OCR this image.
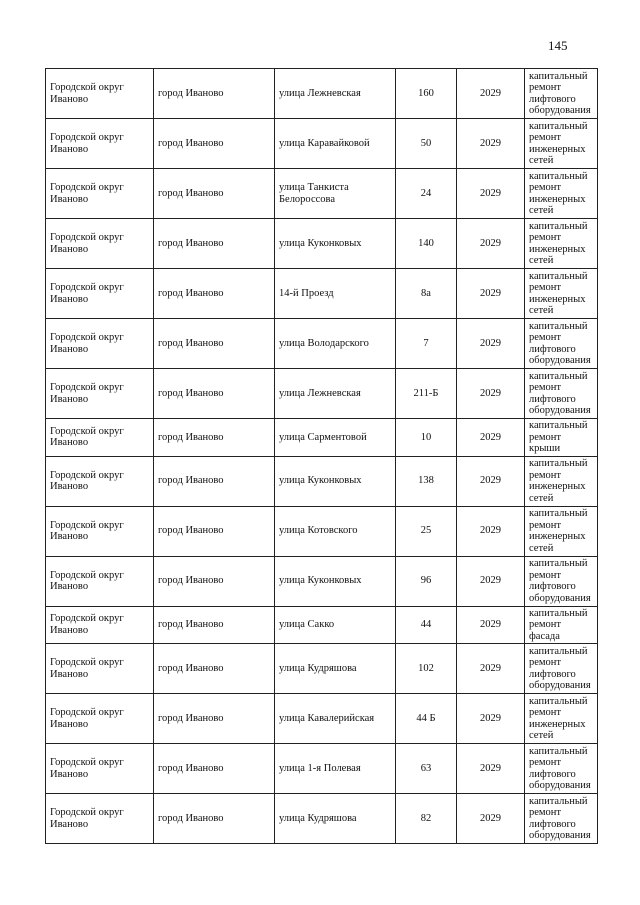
145
Городской округ Иваново	город Иваново	улица Лежневская	160	2029	капитальный ремонт лифтового оборудования
Городской округ Иваново	город Иваново	улица Каравайковой	50	2029	капитальный ремонт инженерных сетей
Городской округ Иваново	город Иваново	улица Танкиста Белороссова	24	2029	капитальный ремонт инженерных сетей
Городской округ Иваново	город Иваново	улица Куконковых	140	2029	капитальный ремонт инженерных сетей
Городской округ Иваново	город Иваново	14-й Проезд	8а	2029	капитальный ремонт инженерных сетей
Городской округ Иваново	город Иваново	улица Володарского	7	2029	капитальный ремонт лифтового оборудования
Городской округ Иваново	город Иваново	улица Лежневская	211-Б	2029	капитальный ремонт лифтового оборудования
Городской округ Иваново	город Иваново	улица Сарментовой	10	2029	капитальный ремонт крыши
Городской округ Иваново	город Иваново	улица Куконковых	138	2029	капитальный ремонт инженерных сетей
Городской округ Иваново	город Иваново	улица Котовского	25	2029	капитальный ремонт инженерных сетей
Городской округ Иваново	город Иваново	улица Куконковых	96	2029	капитальный ремонт лифтового оборудования
Городской округ Иваново	город Иваново	улица Сакко	44	2029	капитальный ремонт фасада
Городской округ Иваново	город Иваново	улица Кудряшова	102	2029	капитальный ремонт лифтового оборудования
Городской округ Иваново	город Иваново	улица Кавалерийская	44 Б	2029	капитальный ремонт инженерных сетей
Городской округ Иваново	город Иваново	улица 1-я Полевая	63	2029	капитальный ремонт лифтового оборудования
Городской округ Иваново	город Иваново	улица Кудряшова	82	2029	капитальный ремонт лифтового оборудования
